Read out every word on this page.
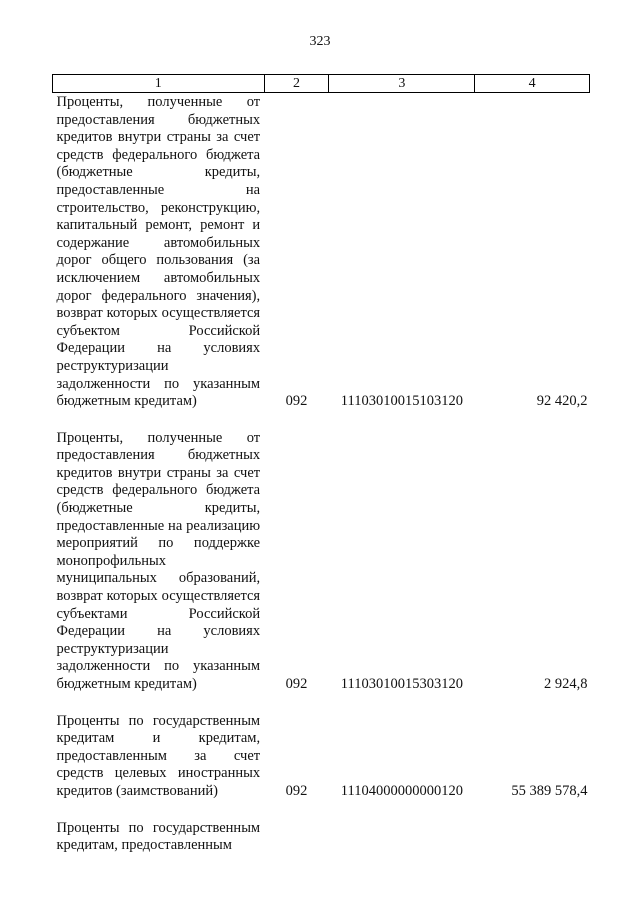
323
1	2	3	4
Проценты, полученные от предоставления бюджетных кредитов внутри страны за счет средств федерального бюджета (бюджетные кредиты, предоставленные на строительство, реконструкцию, капитальный ремонт, ремонт и содержание автомобильных дорог общего пользования (за исключением автомобильных дорог федерального значения), возврат которых осуществляется субъектом Российской Федерации на условиях реструктуризации задолженности по указанным бюджетным кредитам)	092	11103010015103120	92 420,2

Проценты, полученные от предоставления бюджетных кредитов внутри страны за счет средств федерального бюджета (бюджетные кредиты, предоставленные на реализацию мероприятий по поддержке монопрофильных муниципальных образований, возврат которых осуществляется субъектами Российской Федерации на условиях реструктуризации задолженности по указанным бюджетным кредитам)	092	11103010015303120	2 924,8

Проценты по государственным кредитам и кредитам, предоставленным за счет средств целевых иностранных кредитов (заимствований)	092	11104000000000120	55 389 578,4

Проценты по государственным кредитам, предоставленным			
